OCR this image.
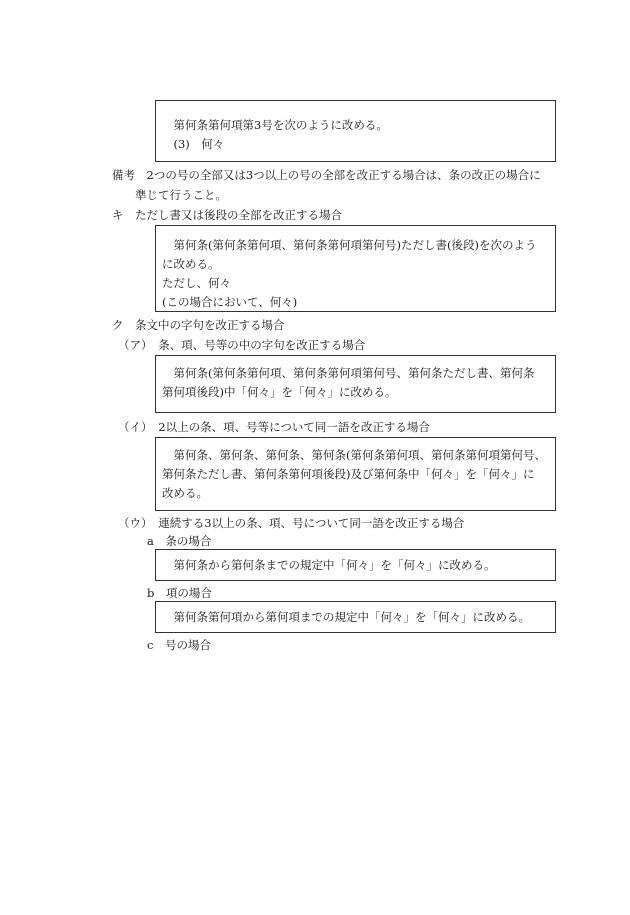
　第何条第何項第3号を次のように改める。
　(3)　何々
備考　2つの号の全部又は3つ以上の号の全部を改正する場合は、条の改正の場合に
準じて行うこと。
キ　ただし書又は後段の全部を改正する場合
　第何条(第何条第何項、第何条第何項第何号)ただし書(後段)を次のよう
に改める。
ただし、何々
(この場合において、何々)
ク　条文中の字句を改正する場合
（ア）　条、項、号等の中の字句を改正する場合
　第何条(第何条第何項、第何条第何項第何号、第何条ただし書、第何条
第何項後段)中「何々」を「何々」に改める。
（イ）　2以上の条、項、号等について同一語を改正する場合
　第何条、第何条、第何条、第何条(第何条第何項、第何条第何項第何号、
第何条ただし書、第何条第何項後段)及び第何条中「何々」を「何々」に
改める。
（ウ）　連続する3以上の条、項、号について同一語を改正する場合
a　条の場合
　第何条から第何条までの規定中「何々」を「何々」に改める。
b　項の場合
　第何条第何項から第何項までの規定中「何々」を「何々」に改める。
c　号の場合
